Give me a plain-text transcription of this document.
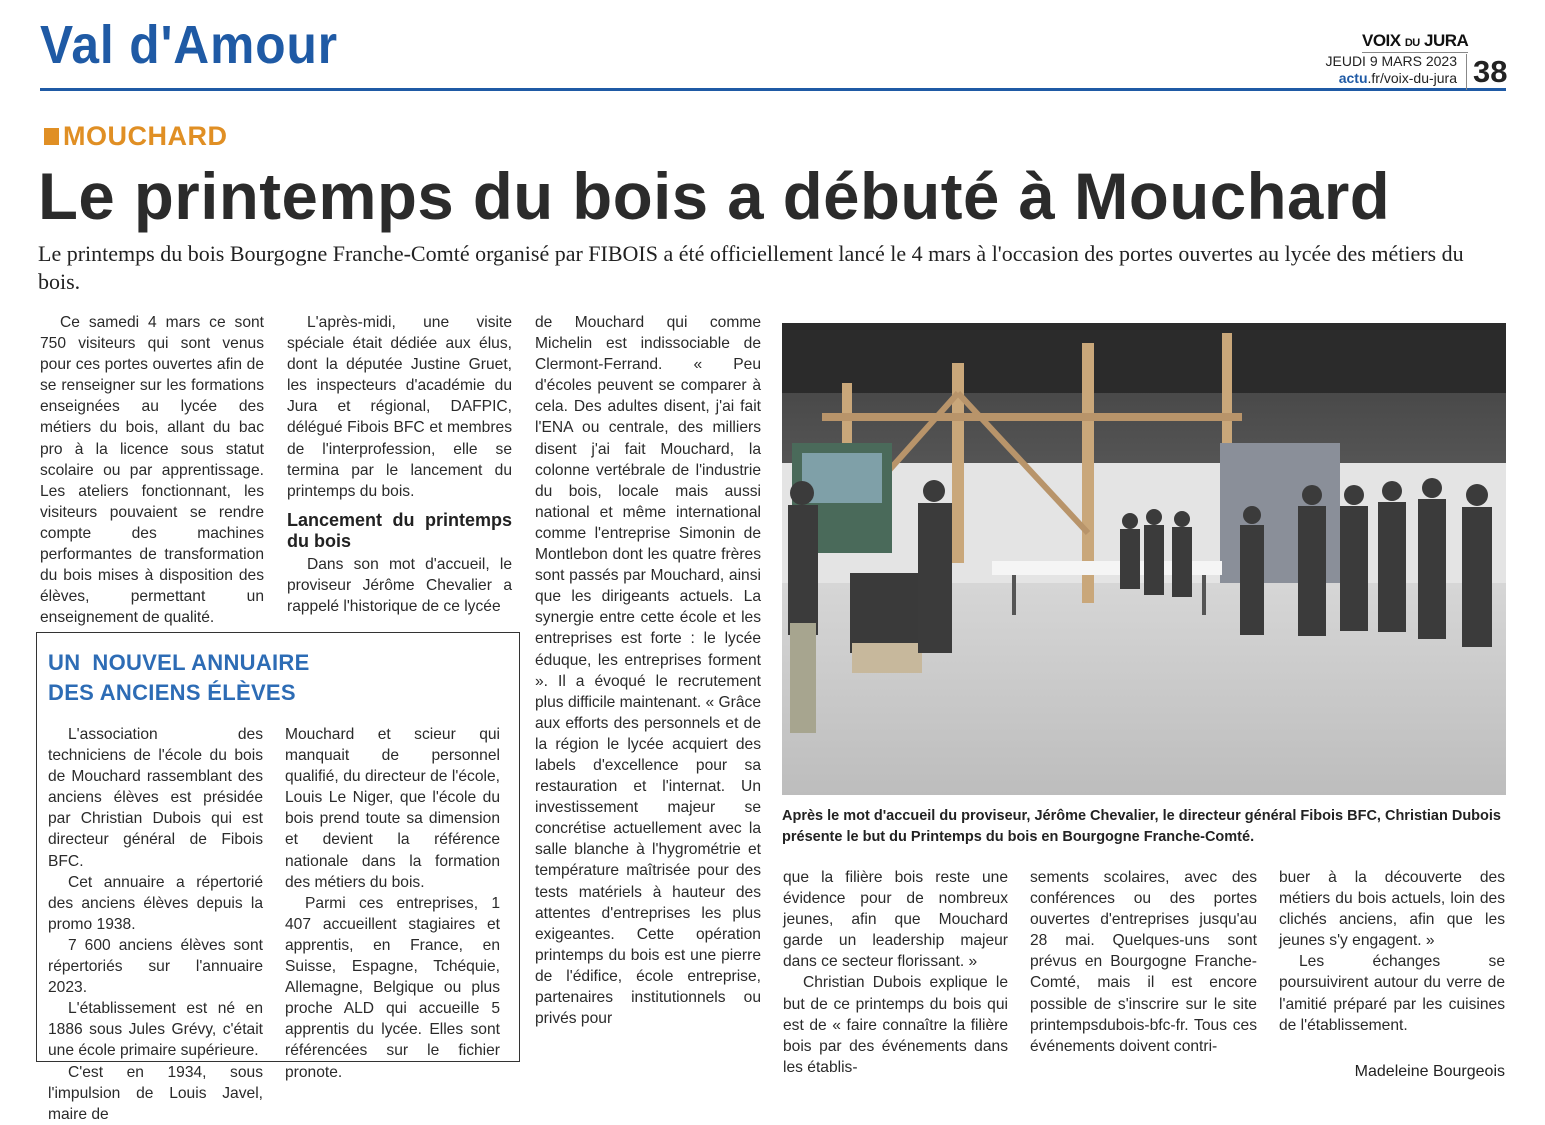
Val d'Amour	VOIX DU JURA
JEUDI 9 MARS 2023
actu.fr/voix-du-jura 38
MOUCHARD
Le printemps du bois a débuté à Mouchard
Le printemps du bois Bourgogne Franche-Comté organisé par FIBOIS a été officiellement lancé le 4 mars à l'occasion des portes ouvertes au lycée des métiers du bois.

Ce samedi 4 mars ce sont 750 visiteurs qui sont venus pour ces portes ouvertes afin de se renseigner sur les formations enseignées au lycée des métiers du bois, allant du bac pro à la licence sous statut scolaire ou par apprentissage. Les ateliers fonctionnant, les visiteurs pouvaient se rendre compte des machines performantes de transformation du bois mises à disposition des élèves, permettant un enseignement de qualité.

L'après-midi, une visite spéciale était dédiée aux élus, dont la députée Justine Gruet, les inspecteurs d'académie du Jura et régional, DAFPIC, délégué Fibois BFC et membres de l'interprofession, elle se termina par le lancement du printemps du bois.

Lancement du printemps du bois

Dans son mot d'accueil, le proviseur Jérôme Chevalier a rappelé l'historique de ce lycée

de Mouchard qui comme Michelin est indissociable de Clermont-Ferrand. « Peu d'écoles peuvent se comparer à cela. Des adultes disent, j'ai fait l'ENA ou centrale, des milliers disent j'ai fait Mouchard, la colonne vertébrale de l'industrie du bois, locale mais aussi national et même international comme l'entreprise Simonin de Montlebon dont les quatre frères sont passés par Mouchard, ainsi que les dirigeants actuels. La synergie entre cette école et les entreprises est forte : le lycée éduque, les entreprises forment ». Il a évoqué le recrutement plus difficile maintenant. « Grâce aux efforts des personnels et de la région le lycée acquiert des labels d'excellence pour sa restauration et l'internat. Un investissement majeur se concrétise actuellement avec la salle blanche à l'hygrométrie et température maîtrisée pour des tests matériels à hauteur des attentes d'entreprises les plus exigeantes. Cette opération printemps du bois est une pierre de l'édifice, école entreprise, partenaires institutionnels ou privés pour

Après le mot d'accueil du proviseur, Jérôme Chevalier, le directeur général Fibois BFC, Christian Dubois présente le but du Printemps du bois en Bourgogne Franche-Comté.

que la filière bois reste une évidence pour de nombreux jeunes, afin que Mouchard garde un leadership majeur dans ce secteur florissant. »

Christian Dubois explique le but de ce printemps du bois qui est de « faire connaître la filière bois par des événements dans les établis-

sements scolaires, avec des conférences ou des portes ouvertes d'entreprises jusqu'au 28 mai. Quelques-uns sont prévus en Bourgogne Franche-Comté, mais il est encore possible de s'inscrire sur le site printempsdubois-bfc-fr. Tous ces événements doivent contri-

buer à la découverte des métiers du bois actuels, loin des clichés anciens, afin que les jeunes s'y engagent. »

Les échanges se poursuivirent autour du verre de l'amitié préparé par les cuisines de l'établissement.

Madeleine Bourgeois
UN NOUVEL ANNUAIRE
DES ANCIENS ÉLÈVES

L'association des techniciens de l'école du bois de Mouchard rassemblant des anciens élèves est présidée par Christian Dubois qui est directeur général de Fibois BFC.

Cet annuaire a répertorié des anciens élèves depuis la promo 1938.

7 600 anciens élèves sont répertoriés sur l'annuaire 2023.

L'établissement est né en 1886 sous Jules Grévy, c'était une école primaire supérieure.

C'est en 1934, sous l'impulsion de Louis Javel, maire de

Mouchard et scieur qui manquait de personnel qualifié, du directeur de l'école, Louis Le Niger, que l'école du bois prend toute sa dimension et devient la référence nationale dans la formation des métiers du bois.

Parmi ces entreprises, 1 407 accueillent stagiaires et apprentis, en France, en Suisse, Espagne, Tchéquie, Allemagne, Belgique ou plus proche ALD qui accueille 5 apprentis du lycée. Elles sont référencées sur le fichier pronote.
